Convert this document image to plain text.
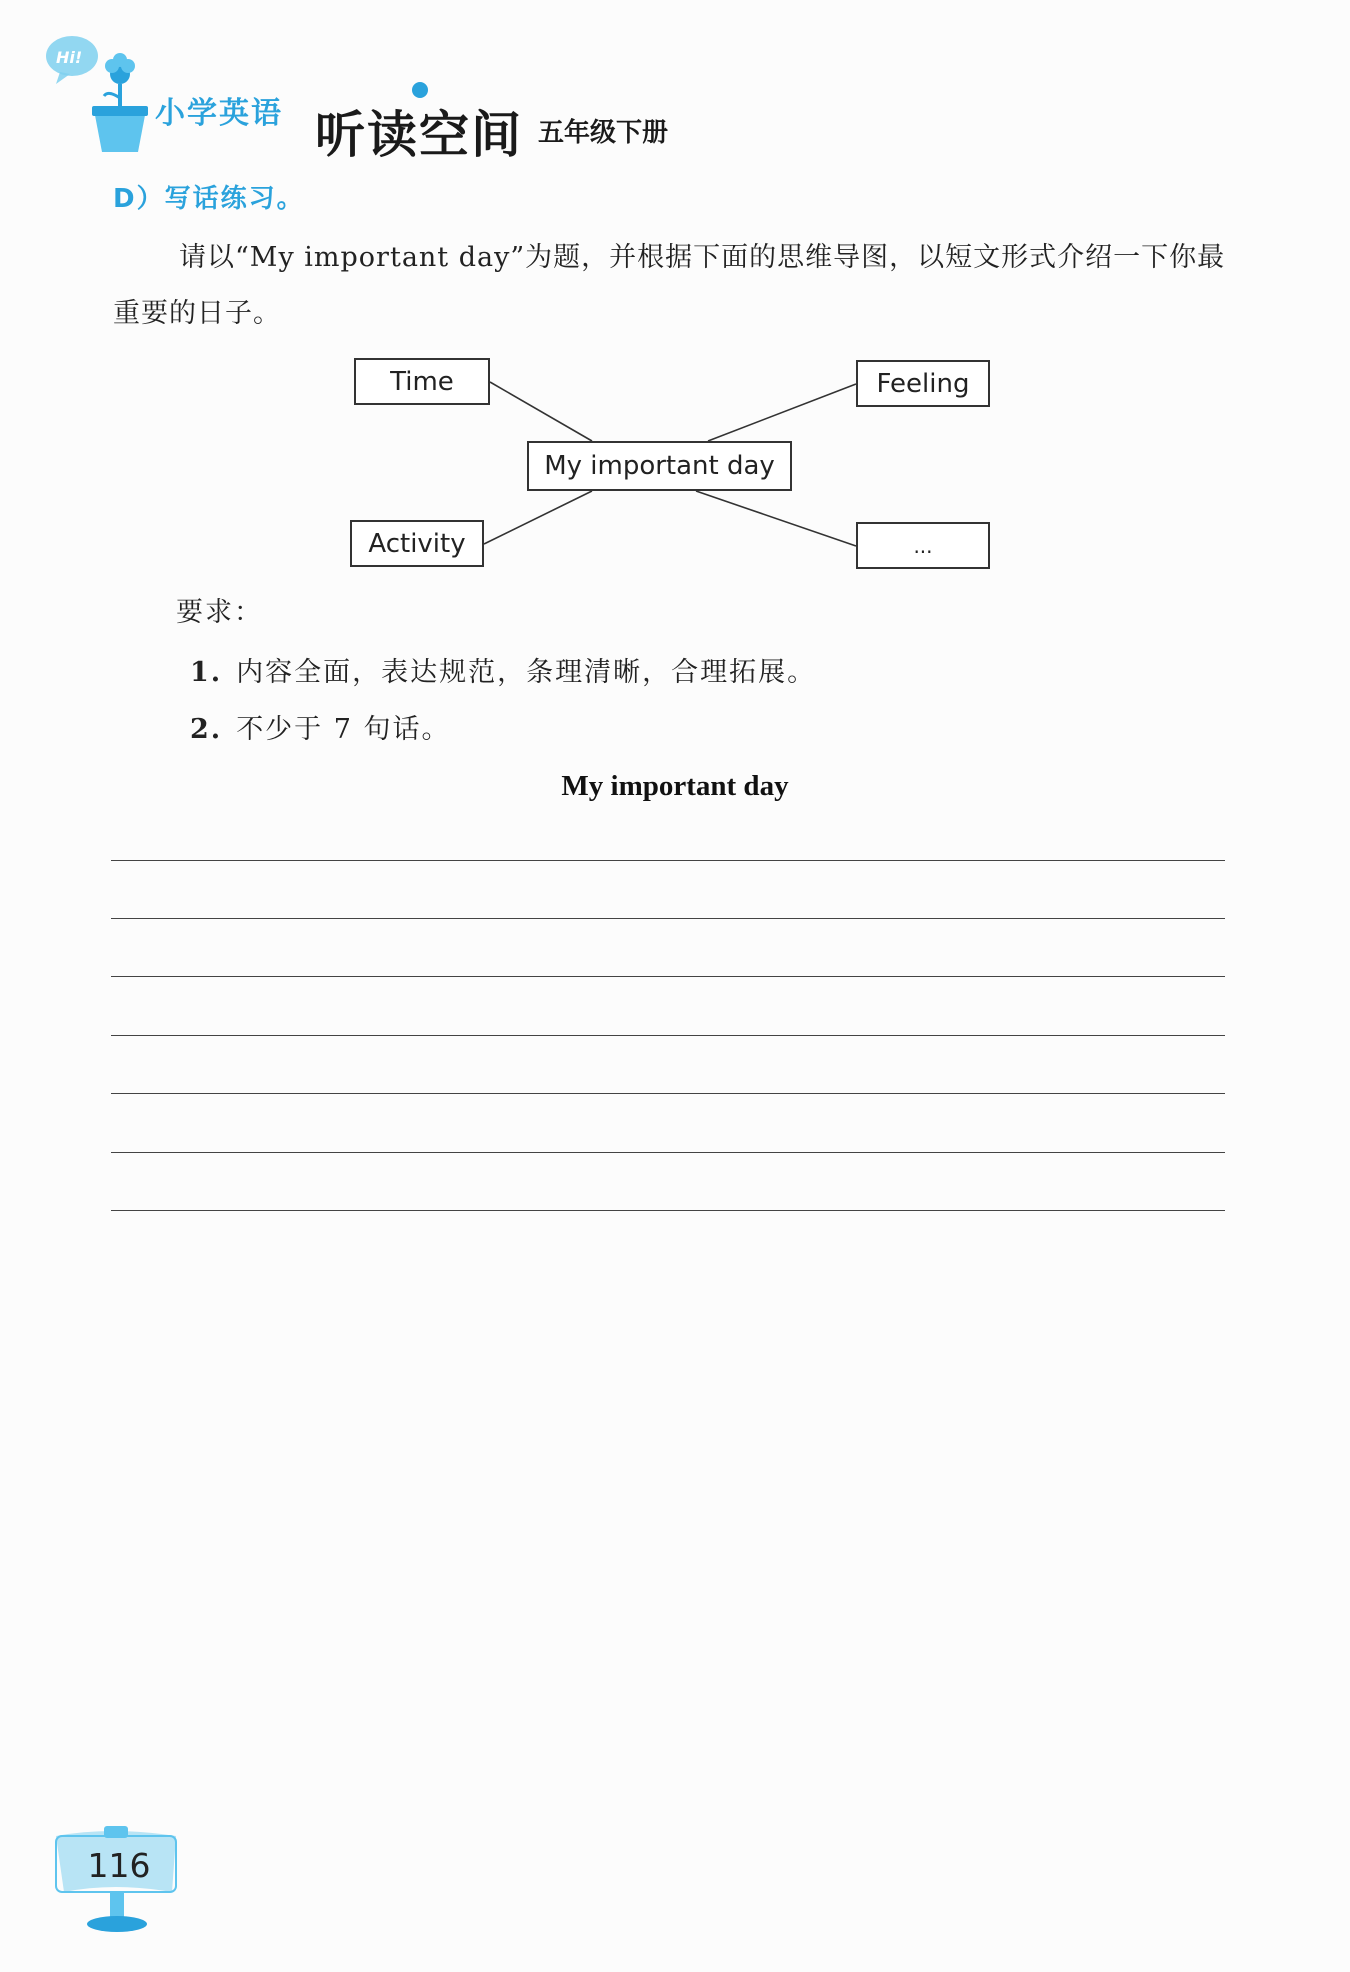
Hi!
小学英语 听读空间 五年级下册
D）写话练习。
请以“My important day”为题，并根据下面的思维导图，以短文形式介绍一下你最重要的日子。
Time	Feeling
My important day
Activity	...
要求：
1. 内容全面，表达规范，条理清晰，合理拓展。
2. 不少于 7 句话。
My important day
116
